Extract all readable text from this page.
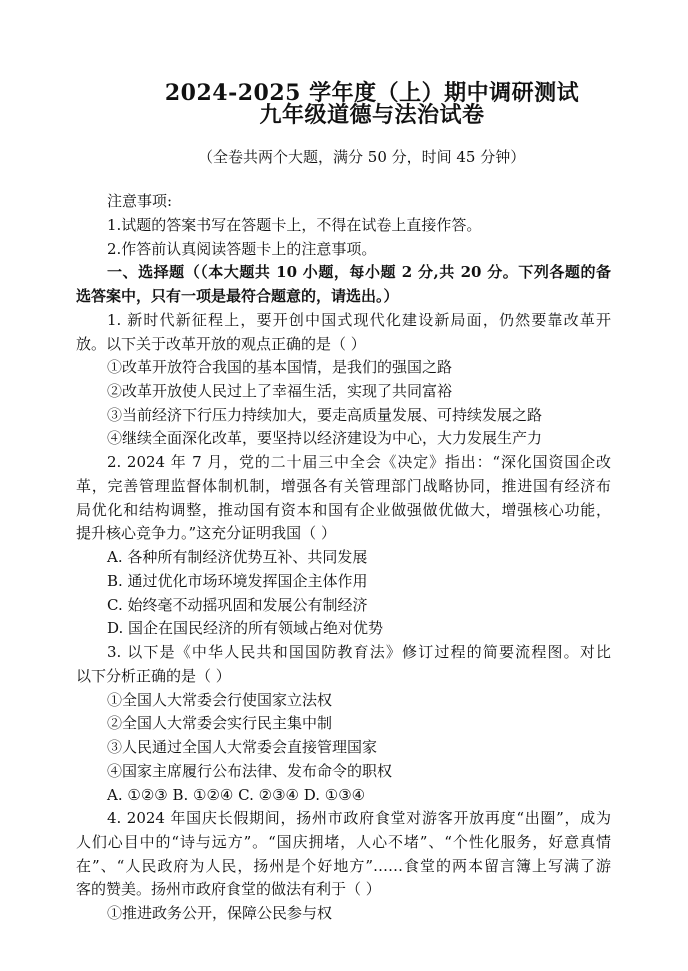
2024-2025 学年度（上）期中调研测试
九年级道德与法治试卷
（全卷共两个大题，满分 50 分，时间 45 分钟）
注意事项:
1.试题的答案书写在答题卡上，不得在试卷上直接作答。
2.作答前认真阅读答题卡上的注意事项。
一、选择题（（本大题共 10 小题，每小题 2 分,共 20 分。下列各题的备
选答案中，只有一项是最符合题意的，请选出。）
1. 新时代新征程上，要开创中国式现代化建设新局面，仍然要靠改革开
放。以下关于改革开放的观点正确的是（ ）
①改革开放符合我国的基本国情，是我们的强国之路
②改革开放使人民过上了幸福生活，实现了共同富裕
③当前经济下行压力持续加大，要走高质量发展、可持续发展之路
④继续全面深化改革，要坚持以经济建设为中心，大力发展生产力
2. 2024 年 7 月，党的二十届三中全会《决定》指出：“深化国资国企改
革，完善管理监督体制机制，增强各有关管理部门战略协同，推进国有经济布
局优化和结构调整，推动国有资本和国有企业做强做优做大，增强核心功能，
提升核心竞争力。”这充分证明我国（ ）
A. 各种所有制经济优势互补、共同发展
B. 通过优化市场环境发挥国企主体作用
C. 始终毫不动摇巩固和发展公有制经济
D. 国企在国民经济的所有领域占绝对优势
3. 以下是《中华人民共和国国防教育法》修订过程的简要流程图。对比
以下分析正确的是（ ）
①全国人大常委会行使国家立法权
②全国人大常委会实行民主集中制
③人民通过全国人大常委会直接管理国家
④国家主席履行公布法律、发布命令的职权
A. ①②③ B. ①②④ C. ②③④ D. ①③④
4. 2024 年国庆长假期间，扬州市政府食堂对游客开放再度“出圈”，成为
人们心目中的“诗与远方”。“国庆拥堵，人心不堵”、“个性化服务，好意真情
在”、“人民政府为人民，扬州是个好地方”……食堂的两本留言簿上写满了游
客的赞美。扬州市政府食堂的做法有利于（ ）
①推进政务公开，保障公民参与权
